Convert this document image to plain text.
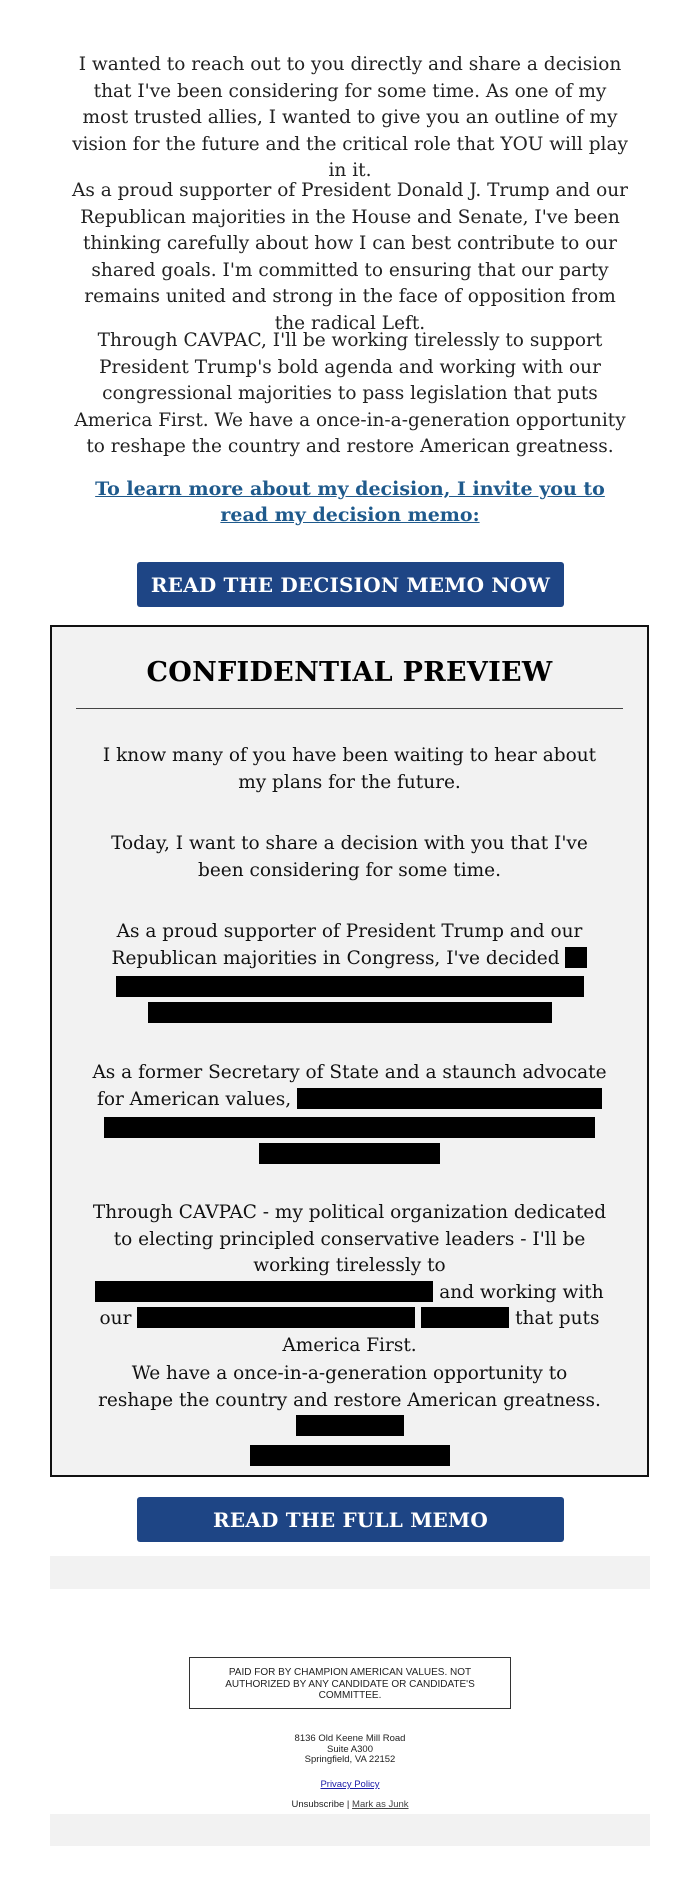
I wanted to reach out to you directly and share a decision that I've been considering for some time. As one of my most trusted allies, I wanted to give you an outline of my vision for the future and the critical role that YOU will play in it.

As a proud supporter of President Donald J. Trump and our Republican majorities in the House and Senate, I've been thinking carefully about how I can best contribute to our shared goals. I'm committed to ensuring that our party remains united and strong in the face of opposition from the radical Left.

Through CAVPAC, I'll be working tirelessly to support President Trump's bold agenda and working with our congressional majorities to pass legislation that puts America First. We have a once-in-a-generation opportunity to reshape the country and restore American greatness.

To learn more about my decision, I invite you to read my decision memo:

READ THE DECISION MEMO NOW
CONFIDENTIAL PREVIEW

I know many of you have been waiting to hear about my plans for the future.

Today, I want to share a decision with you that I've been considering for some time.

As a proud supporter of President Trump and our Republican majorities in Congress, I've decided
As a former Secretary of State and a staunch advocate for American values,
Through CAVPAC - my political organization dedicated to electing principled conservative leaders - I'll be working tirelessly to  and working with our	that puts America First.
We have a once-in-a-generation opportunity to reshape the country and restore American greatness.
READ THE FULL MEMO
PAID FOR BY CHAMPION AMERICAN VALUES. NOT AUTHORIZED BY ANY CANDIDATE OR CANDIDATE'S COMMITTEE.
8136 Old Keene Mill Road
Suite A300
Springfield, VA 22152
Privacy Policy
Unsubscribe | Mark as Junk
